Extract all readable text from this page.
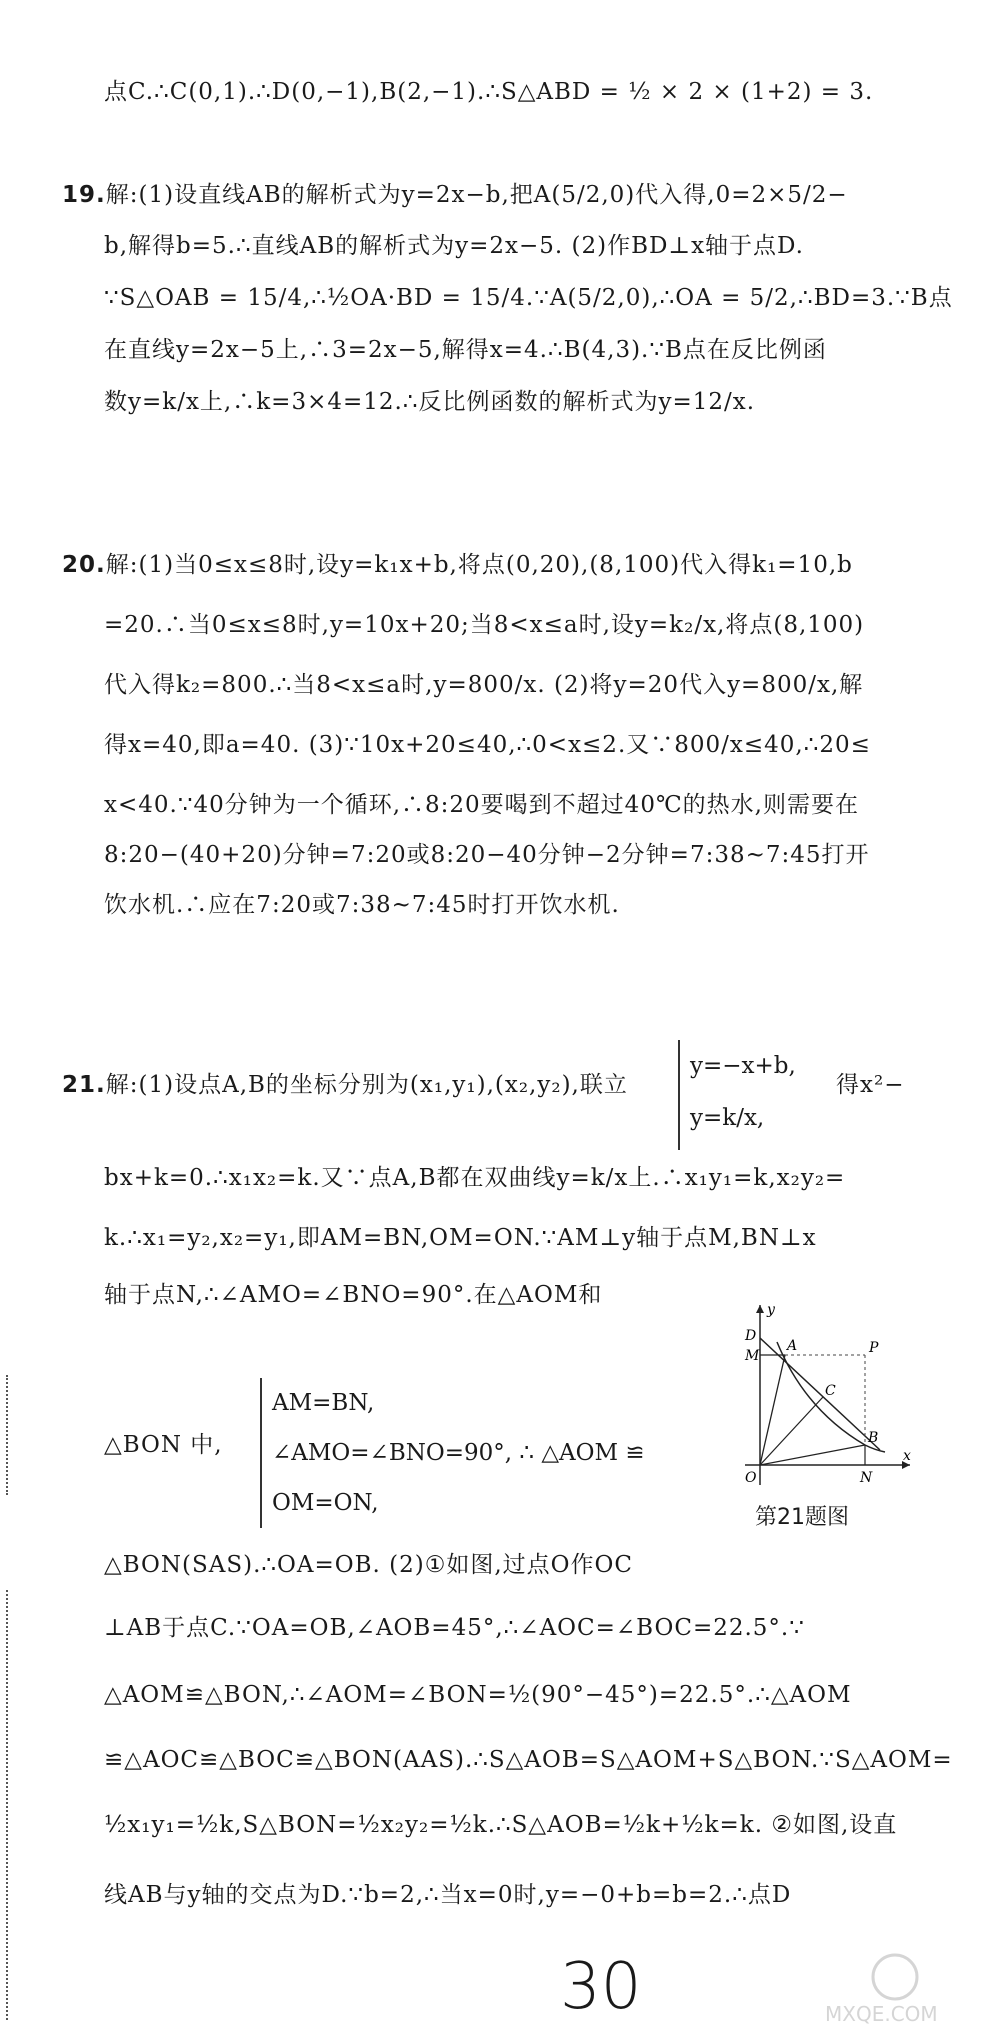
点C.∴C(0,1).∴D(0,−1),B(2,−1).∴S△ABD = ½ × 2 × (1+2) = 3.
19.解:(1)设直线AB的解析式为y=2x−b,把A(5/2,0)代入得,0=2×5/2−
b,解得b=5.∴直线AB的解析式为y=2x−5. (2)作BD⊥x轴于点D.
∵S△OAB = 15/4,∴½OA·BD = 15/4.∵A(5/2,0),∴OA = 5/2,∴BD=3.∵B点
在直线y=2x−5上,∴3=2x−5,解得x=4.∴B(4,3).∵B点在反比例函
数y=k/x上,∴k=3×4=12.∴反比例函数的解析式为y=12/x.
20.解:(1)当0≤x≤8时,设y=k₁x+b,将点(0,20),(8,100)代入得k₁=10,b
=20.∴当0≤x≤8时,y=10x+20;当8<x≤a时,设y=k₂/x,将点(8,100)
代入得k₂=800.∴当8<x≤a时,y=800/x. (2)将y=20代入y=800/x,解
得x=40,即a=40. (3)∵10x+20≤40,∴0<x≤2.又∵800/x≤40,∴20≤
x<40.∵40分钟为一个循环,∴8:20要喝到不超过40℃的热水,则需要在
8:20−(40+20)分钟=7:20或8:20−40分钟−2分钟=7:38~7:45打开
饮水机.∴应在7:20或7:38~7:45时打开饮水机.
21.解:(1)设点A,B的坐标分别为(x₁,y₁),(x₂,y₂),联立
y=−x+b,
y=k/x,
得x²−
bx+k=0.∴x₁x₂=k.又∵点A,B都在双曲线y=k/x上.∴x₁y₁=k,x₂y₂=
k.∴x₁=y₂,x₂=y₁,即AM=BN,OM=ON.∵AM⊥y轴于点M,BN⊥x
轴于点N,∴∠AMO=∠BNO=90°.在△AOM和
△BON 中,
AM=BN,
∠AMO=∠BNO=90°, ∴ △AOM ≌
OM=ON,
y
x
O	N
M
D
A
C
P
B
第21题图
△BON(SAS).∴OA=OB. (2)①如图,过点O作OC
⊥AB于点C.∵OA=OB,∠AOB=45°,∴∠AOC=∠BOC=22.5°.∵
△AOM≌△BON,∴∠AOM=∠BON=½(90°−45°)=22.5°.∴△AOM
≌△AOC≌△BOC≌△BON(AAS).∴S△AOB=S△AOM+S△BON.∵S△AOM=
½x₁y₁=½k,S△BON=½x₂y₂=½k.∴S△AOB=½k+½k=k. ②如图,设直
线AB与y轴的交点为D.∵b=2,∴当x=0时,y=−0+b=b=2.∴点D
30	MXQE.COM
